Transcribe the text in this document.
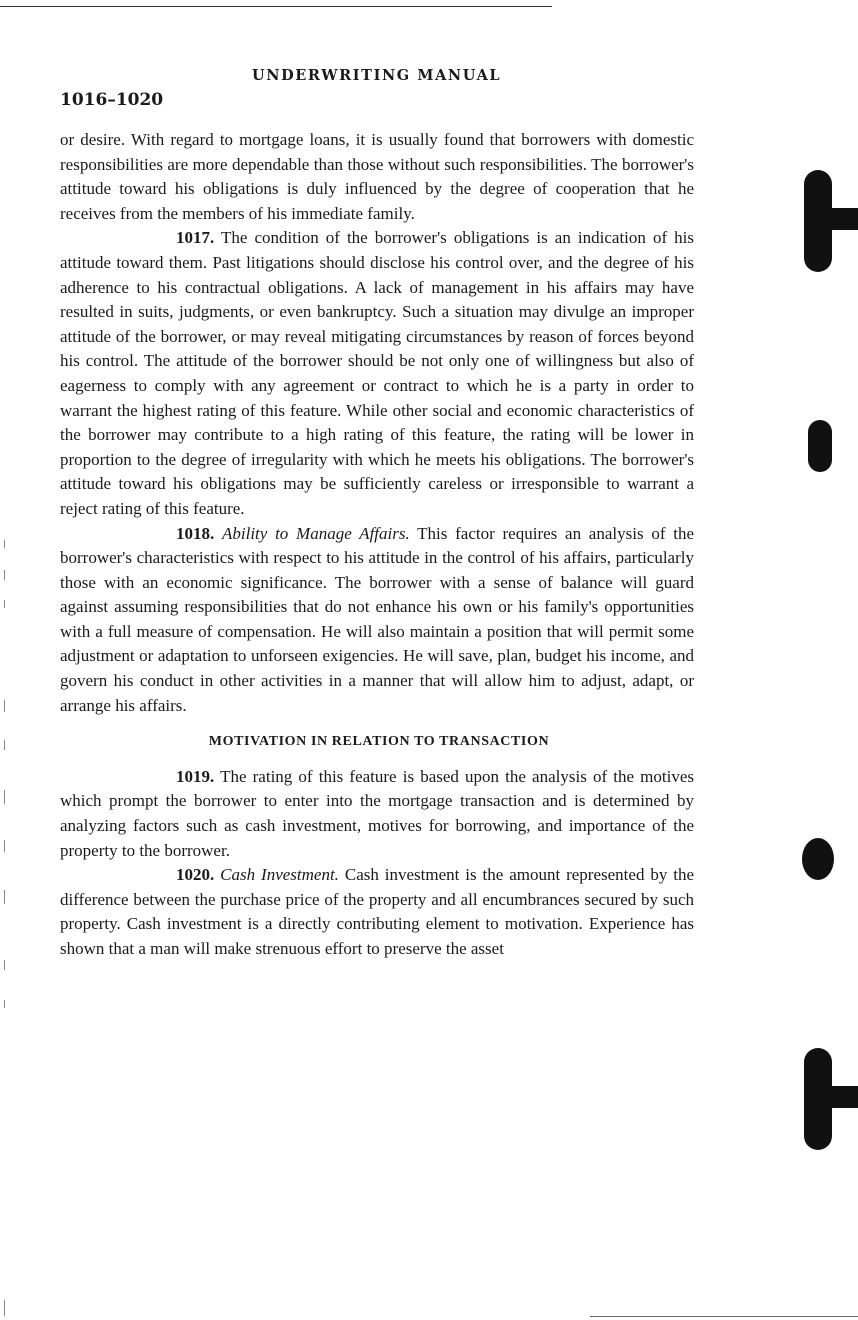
UNDERWRITING MANUAL
1016–1020

or desire. With regard to mortgage loans, it is usually found that borrowers with domestic responsibilities are more dependable than those without such responsibilities. The borrower's attitude toward his obligations is duly influenced by the degree of cooperation that he receives from the members of his immediate family.

1017. The condition of the borrower's obligations is an indication of his attitude toward them. Past litigations should disclose his control over, and the degree of his adherence to his contractual obligations. A lack of management in his affairs may have resulted in suits, judgments, or even bankruptcy. Such a situation may divulge an improper attitude of the borrower, or may reveal mitigating circumstances by reason of forces beyond his control. The attitude of the borrower should be not only one of willingness but also of eagerness to comply with any agreement or contract to which he is a party in order to warrant the highest rating of this feature. While other social and economic characteristics of the borrower may contribute to a high rating of this feature, the rating will be lower in proportion to the degree of irregularity with which he meets his obligations. The borrower's attitude toward his obligations may be sufficiently careless or irresponsible to warrant a reject rating of this feature.

1018. Ability to Manage Affairs. This factor requires an analysis of the borrower's characteristics with respect to his attitude in the control of his affairs, particularly those with an economic significance. The borrower with a sense of balance will guard against assuming responsibilities that do not enhance his own or his family's opportunities with a full measure of compensation. He will also maintain a position that will permit some adjustment or adaptation to unforseen exigencies. He will save, plan, budget his income, and govern his conduct in other activities in a manner that will allow him to adjust, adapt, or arrange his affairs.

MOTIVATION IN RELATION TO TRANSACTION

1019. The rating of this feature is based upon the analysis of the motives which prompt the borrower to enter into the mortgage transaction and is determined by analyzing factors such as cash investment, motives for borrowing, and importance of the property to the borrower.

1020. Cash Investment. Cash investment is the amount represented by the difference between the purchase price of the property and all encumbrances secured by such property. Cash investment is a directly contributing element to motivation. Experience has shown that a man will make strenuous effort to preserve the asset
